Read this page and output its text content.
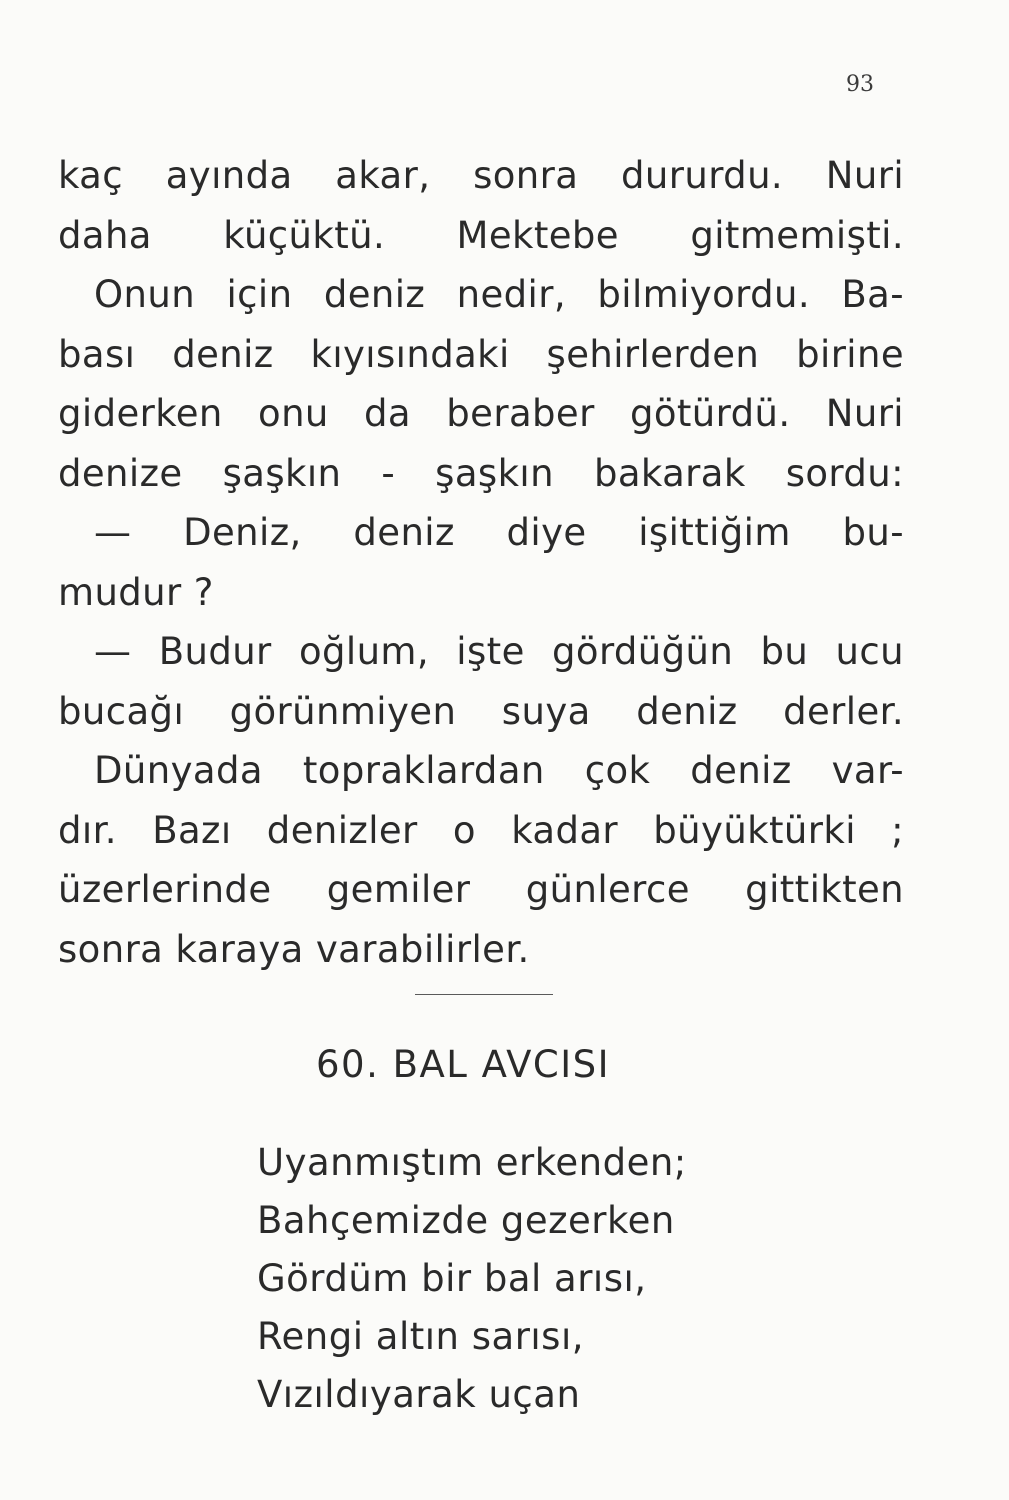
93
kaç ayında akar, sonra dururdu. Nuri
daha küçüktü. Mektebe gitmemişti.
Onun için deniz nedir, bilmiyordu. Ba-
bası deniz kıyısındaki şehirlerden birine
giderken onu da beraber götürdü. Nuri
denize şaşkın - şaşkın bakarak sordu:
— Deniz, deniz diye işittiğim bu-
mudur ?
— Budur oğlum, işte gördüğün bu ucu
bucağı görünmiyen suya deniz derler.
Dünyada topraklardan çok deniz var-
dır. Bazı denizler o kadar büyüktürki ;
üzerlerinde gemiler günlerce gittikten
sonra karaya varabilirler.
60. BAL AVCISI
Uyanmıştım erkenden;
Bahçemizde gezerken
Gördüm bir bal arısı,
Rengi altın sarısı,
Vızıldıyarak uçan
